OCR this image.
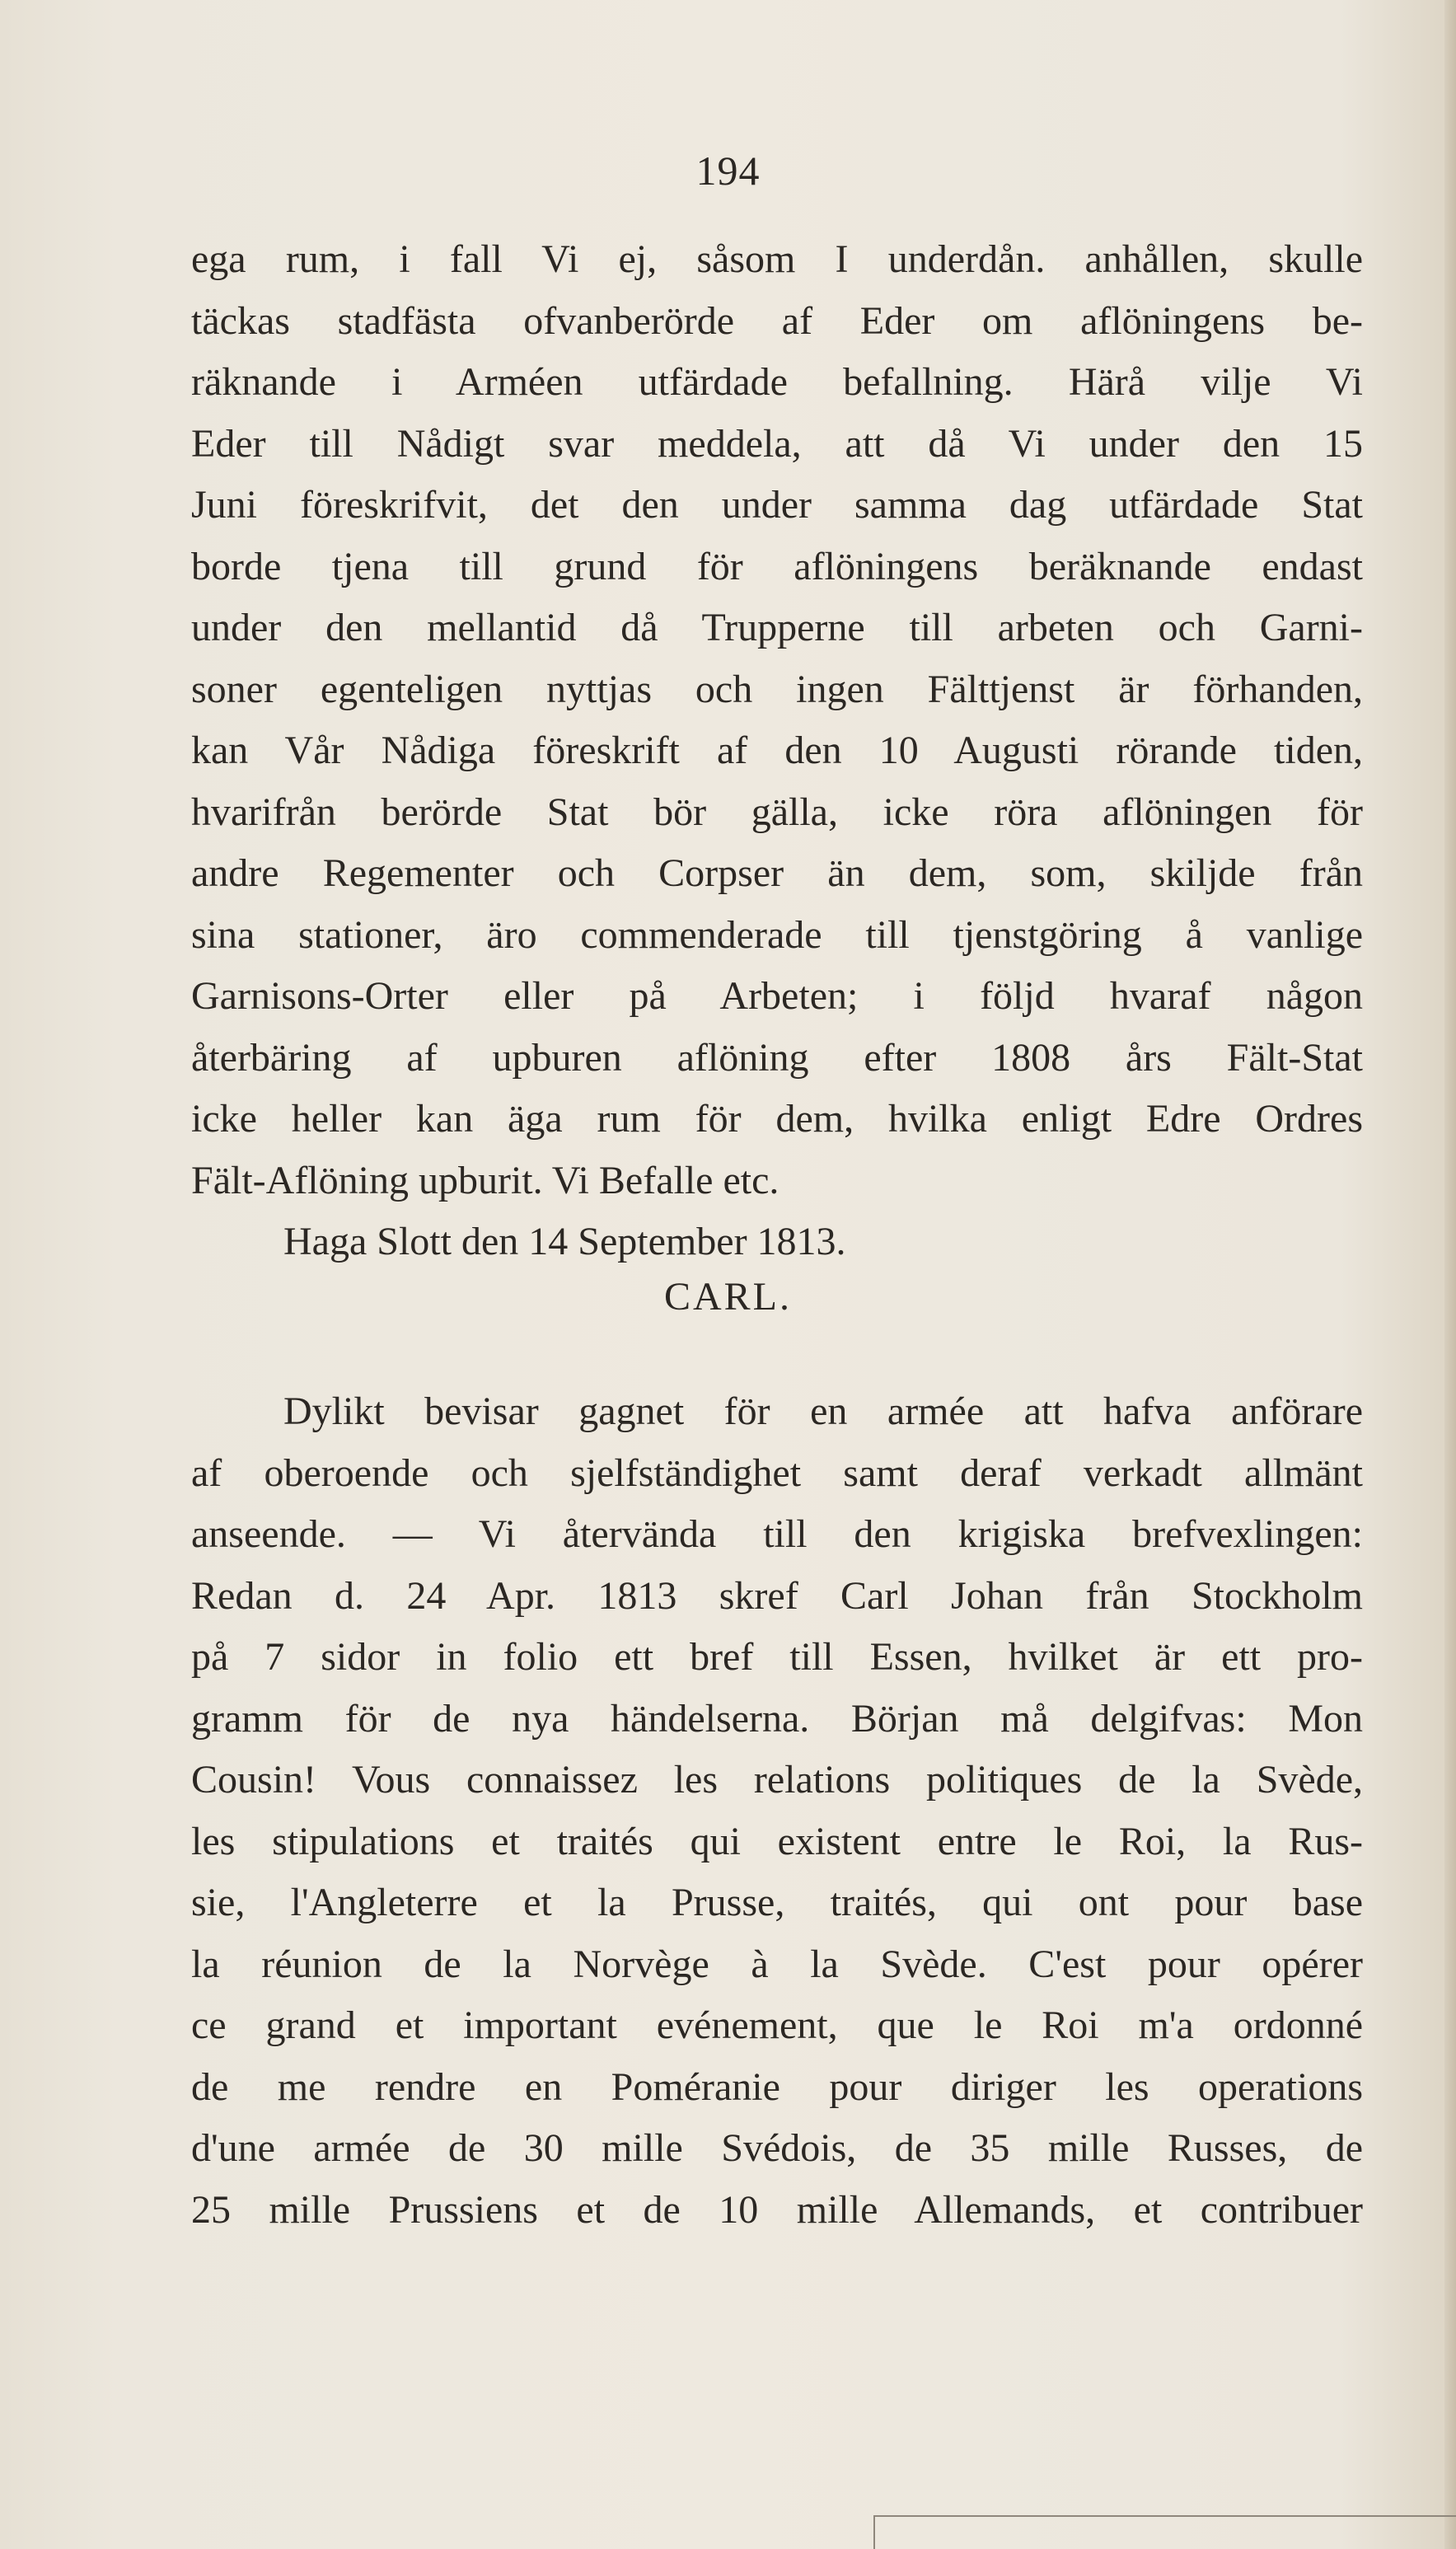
194
ega rum, i fall Vi ej, såsom I underdån. anhållen, skulle
täckas stadfästa ofvanberörde af Eder om aflöningens be-
räknande i Arméen utfärdade befallning. Härå vilje Vi
Eder till Nådigt svar meddela, att då Vi under den 15
Juni föreskrifvit, det den under samma dag utfärdade Stat
borde tjena till grund för aflöningens beräknande endast
under den mellantid då Trupperne till arbeten och Garni-
soner egenteligen nyttjas och ingen Fälttjenst är förhanden,
kan Vår Nådiga föreskrift af den 10 Augusti rörande tiden,
hvarifrån berörde Stat bör gälla, icke röra aflöningen för
andre Regementer och Corpser än dem, som, skiljde från
sina stationer, äro commenderade till tjenstgöring å vanlige
Garnisons-Orter eller på Arbeten; i följd hvaraf någon
återbäring af upburen aflöning efter 1808 års Fält-Stat
icke heller kan äga rum för dem, hvilka enligt Edre Ordres
Fält-Aflöning upburit. Vi Befalle etc.
Haga Slott den 14 September 1813.
CARL.
Dylikt bevisar gagnet för en armée att hafva anförare
af oberoende och sjelfständighet samt deraf verkadt allmänt
anseende. — Vi återvända till den krigiska brefvexlingen:
Redan d. 24 Apr. 1813 skref Carl Johan från Stockholm
på 7 sidor in folio ett bref till Essen, hvilket är ett pro-
gramm för de nya händelserna. Början må delgifvas: Mon
Cousin! Vous connaissez les relations politiques de la Svède,
les stipulations et traités qui existent entre le Roi, la Rus-
sie, l'Angleterre et la Prusse, traités, qui ont pour base
la réunion de la Norvège à la Svède. C'est pour opérer
ce grand et important evénement, que le Roi m'a ordonné
de me rendre en Poméranie pour diriger les operations
d'une armée de 30 mille Svédois, de 35 mille Russes, de
25 mille Prussiens et de 10 mille Allemands, et contribuer
